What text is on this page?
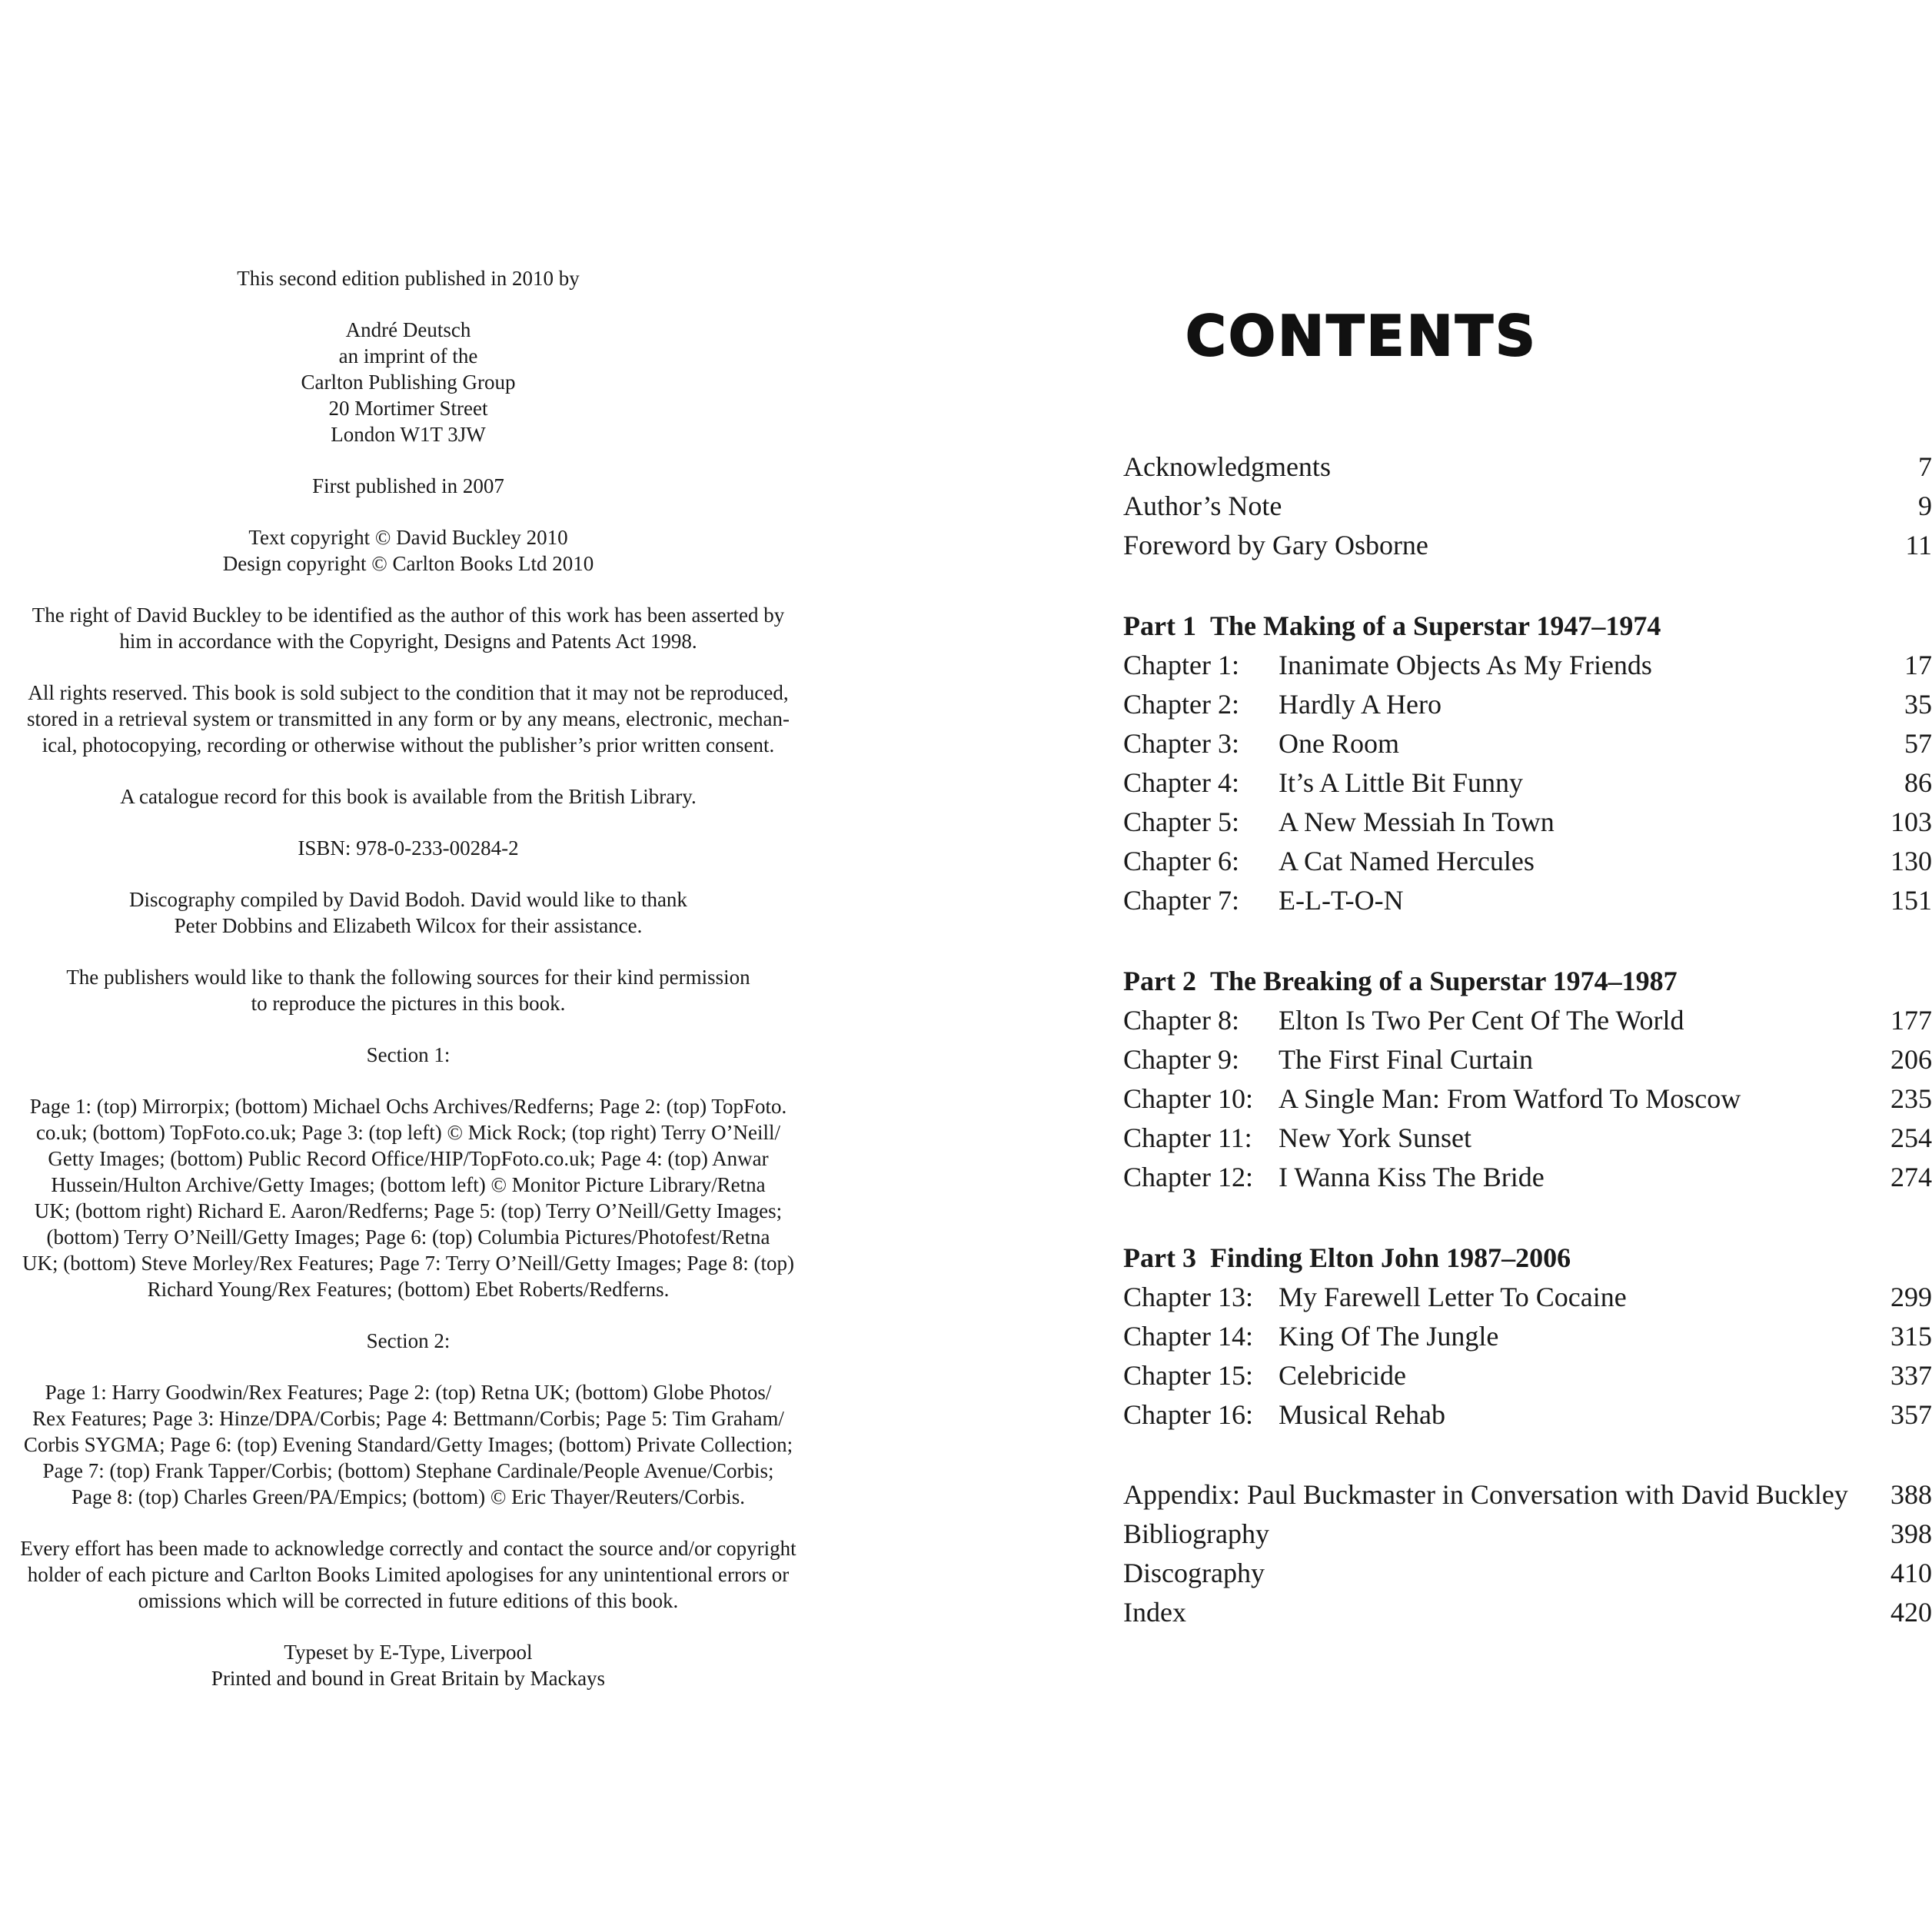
This second edition published in 2010 by
André Deutsch
an imprint of the
Carlton Publishing Group
20 Mortimer Street
London W1T 3JW
First published in 2007
Text copyright © David Buckley 2010
Design copyright © Carlton Books Ltd 2010
The right of David Buckley to be identified as the author of this work has been asserted by
him in accordance with the Copyright, Designs and Patents Act 1998.
All rights reserved. This book is sold subject to the condition that it may not be reproduced,
stored in a retrieval system or transmitted in any form or by any means, electronic, mechan-
ical, photocopying, recording or otherwise without the publisher’s prior written consent.
A catalogue record for this book is available from the British Library.
ISBN: 978-0-233-00284-2
Discography compiled by David Bodoh. David would like to thank
Peter Dobbins and Elizabeth Wilcox for their assistance.
The publishers would like to thank the following sources for their kind permission
to reproduce the pictures in this book.
Section 1:
Page 1: (top) Mirrorpix; (bottom) Michael Ochs Archives/Redferns; Page 2: (top) TopFoto.
co.uk; (bottom) TopFoto.co.uk; Page 3: (top left) © Mick Rock; (top right) Terry O’Neill/
Getty Images; (bottom) Public Record Office/HIP/TopFoto.co.uk; Page 4: (top) Anwar
Hussein/Hulton Archive/Getty Images; (bottom left) © Monitor Picture Library/Retna
UK; (bottom right) Richard E. Aaron/Redferns; Page 5: (top) Terry O’Neill/Getty Images;
(bottom) Terry O’Neill/Getty Images; Page 6: (top) Columbia Pictures/Photofest/Retna
UK; (bottom) Steve Morley/Rex Features; Page 7: Terry O’Neill/Getty Images; Page 8: (top)
Richard Young/Rex Features; (bottom) Ebet Roberts/Redferns.
Section 2:
Page 1: Harry Goodwin/Rex Features; Page 2: (top) Retna UK; (bottom) Globe Photos/
Rex Features; Page 3: Hinze/DPA/Corbis; Page 4: Bettmann/Corbis; Page 5: Tim Graham/
Corbis SYGMA; Page 6: (top) Evening Standard/Getty Images; (bottom) Private Collection;
Page 7: (top) Frank Tapper/Corbis; (bottom) Stephane Cardinale/People Avenue/Corbis;
Page 8: (top) Charles Green/PA/Empics; (bottom) © Eric Thayer/Reuters/Corbis.
Every effort has been made to acknowledge correctly and contact the source and/or copyright
holder of each picture and Carlton Books Limited apologises for any unintentional errors or
omissions which will be corrected in future editions of this book.
Typeset by E-Type, Liverpool
Printed and bound in Great Britain by Mackays
CONTENTS
Acknowledgments	7
Author’s Note	9
Foreword by Gary Osborne	11
Part 1 The Making of a Superstar 1947–1974
Chapter 1: Inanimate Objects As My Friends	17
Chapter 2: Hardly A Hero	35
Chapter 3: One Room	57
Chapter 4: It’s A Little Bit Funny	86
Chapter 5: A New Messiah In Town	103
Chapter 6: A Cat Named Hercules	130
Chapter 7: E-L-T-O-N	151
Part 2 The Breaking of a Superstar 1974–1987
Chapter 8: Elton Is Two Per Cent Of The World	177
Chapter 9: The First Final Curtain	206
Chapter 10: A Single Man: From Watford To Moscow	235
Chapter 11: New York Sunset	254
Chapter 12: I Wanna Kiss The Bride	274
Part 3 Finding Elton John 1987–2006
Chapter 13: My Farewell Letter To Cocaine	299
Chapter 14: King Of The Jungle	315
Chapter 15: Celebricide	337
Chapter 16: Musical Rehab	357
Appendix: Paul Buckmaster in Conversation with David Buckley 388
Bibliography	398
Discography	410
Index	420
